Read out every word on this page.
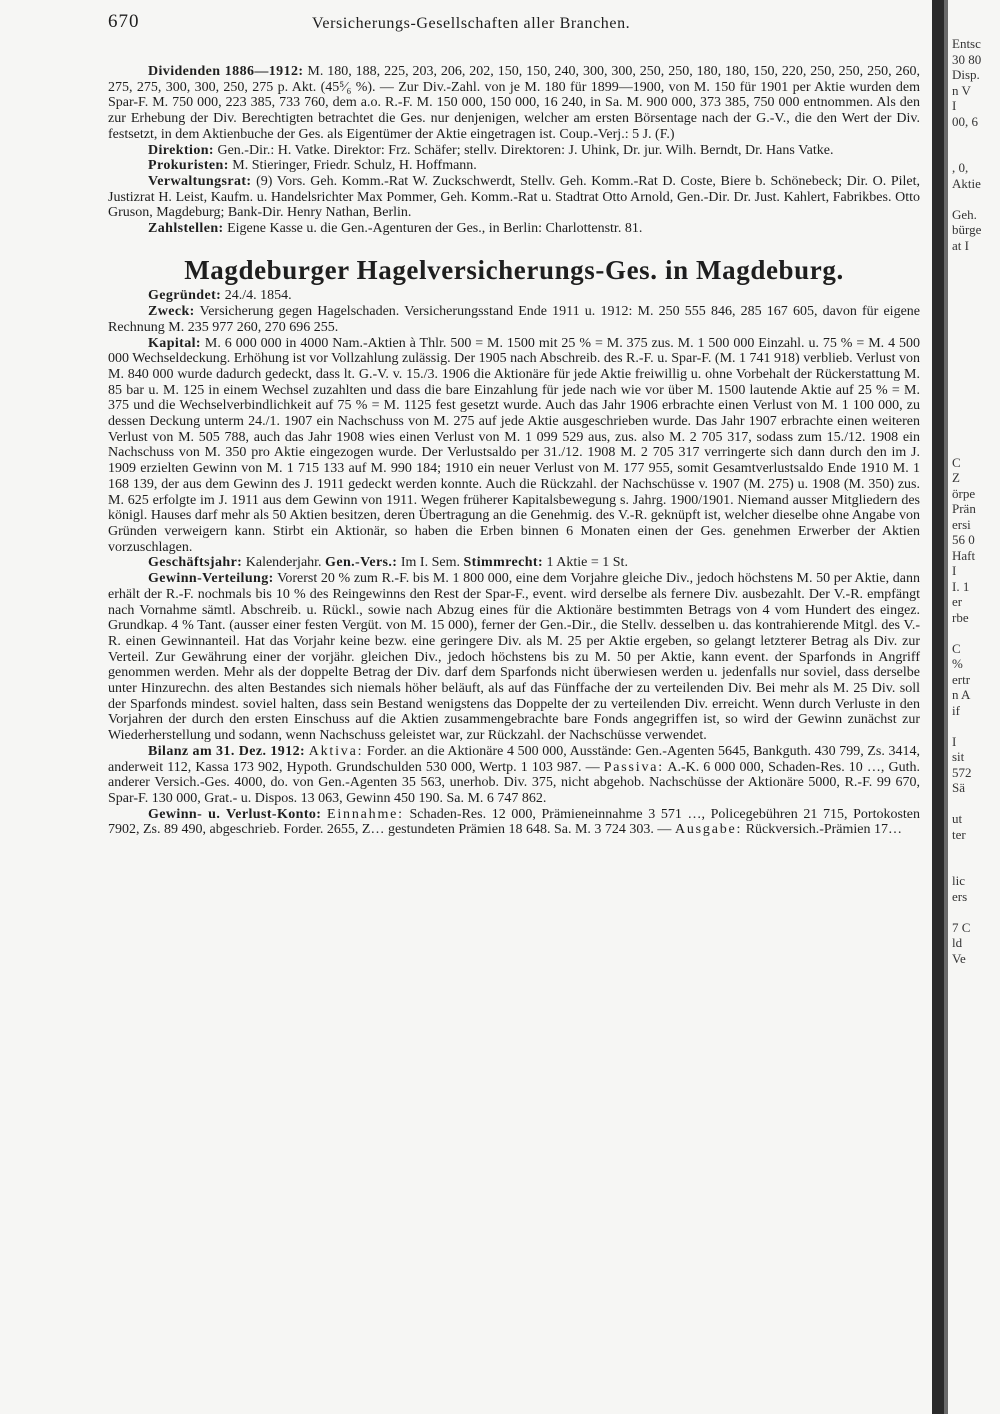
670	Versicherungs-Gesellschaften aller Branchen.

Dividenden 1886—1912: M. 180, 188, 225, 203, 206, 202, 150, 150, 240, 300, 300, 250, 250, 180, 180, 150, 220, 250, 250, 250, 260, 275, 275, 300, 300, 250, 275 p. Akt. (45⁵⁄₆ %). — Zur Div.-Zahl. von je M. 180 für 1899—1900, von M. 150 für 1901 per Aktie wurden dem Spar-F. M. 750 000, 223 385, 733 760, dem a.o. R.-F. M. 150 000, 150 000, 16 240, in Sa. M. 900 000, 373 385, 750 000 entnommen. Als den zur Erhebung der Div. Berechtigten betrachtet die Ges. nur denjenigen, welcher am ersten Börsentage nach der G.-V., die den Wert der Div. festsetzt, in dem Aktienbuche der Ges. als Eigentümer der Aktie eingetragen ist. Coup.-Verj.: 5 J. (F.)

Direktion: Gen.-Dir.: H. Vatke. Direktor: Frz. Schäfer; stellv. Direktoren: J. Uhink, Dr. jur. Wilh. Berndt, Dr. Hans Vatke.

Prokuristen: M. Stieringer, Friedr. Schulz, H. Hoffmann.

Verwaltungsrat: (9) Vors. Geh. Komm.-Rat W. Zuckschwerdt, Stellv. Geh. Komm.-Rat D. Coste, Biere b. Schönebeck; Dir. O. Pilet, Justizrat H. Leist, Kaufm. u. Handelsrichter Max Pommer, Geh. Komm.-Rat u. Stadtrat Otto Arnold, Gen.-Dir. Dr. Just. Kahlert, Fabrikbes. Otto Gruson, Magdeburg; Bank-Dir. Henry Nathan, Berlin.

Zahlstellen: Eigene Kasse u. die Gen.-Agenturen der Ges., in Berlin: Charlottenstr. 81.

Magdeburger Hagelversicherungs-Ges. in Magdeburg.

Gegründet: 24./4. 1854.

Zweck: Versicherung gegen Hagelschaden. Versicherungsstand Ende 1911 u. 1912: M. 250 555 846, 285 167 605, davon für eigene Rechnung M. 235 977 260, 270 696 255.

Kapital: M. 6 000 000 in 4000 Nam.-Aktien à Thlr. 500 = M. 1500 mit 25 % = M. 375 zus. M. 1 500 000 Einzahl. u. 75 % = M. 4 500 000 Wechseldeckung. Erhöhung ist vor Vollzahlung zulässig. Der 1905 nach Abschreib. des R.-F. u. Spar-F. (M. 1 741 918) verblieb. Verlust von M. 840 000 wurde dadurch gedeckt, dass lt. G.-V. v. 15./3. 1906 die Aktionäre für jede Aktie freiwillig u. ohne Vorbehalt der Rückerstattung M. 85 bar u. M. 125 in einem Wechsel zuzahlten und dass die bare Einzahlung für jede nach wie vor über M. 1500 lautende Aktie auf 25 % = M. 375 und die Wechselverbindlichkeit auf 75 % = M. 1125 fest gesetzt wurde. Auch das Jahr 1906 erbrachte einen Verlust von M. 1 100 000, zu dessen Deckung unterm 24./1. 1907 ein Nachschuss von M. 275 auf jede Aktie ausgeschrieben wurde. Das Jahr 1907 erbrachte einen weiteren Verlust von M. 505 788, auch das Jahr 1908 wies einen Verlust von M. 1 099 529 aus, zus. also M. 2 705 317, sodass zum 15./12. 1908 ein Nachschuss von M. 350 pro Aktie eingezogen wurde. Der Verlustsaldo per 31./12. 1908 M. 2 705 317 verringerte sich dann durch den im J. 1909 erzielten Gewinn von M. 1 715 133 auf M. 990 184; 1910 ein neuer Verlust von M. 177 955, somit Gesamtverlustsaldo Ende 1910 M. 1 168 139, der aus dem Gewinn des J. 1911 gedeckt werden konnte. Auch die Rückzahl. der Nachschüsse v. 1907 (M. 275) u. 1908 (M. 350) zus. M. 625 erfolgte im J. 1911 aus dem Gewinn von 1911. Wegen früherer Kapitalsbewegung s. Jahrg. 1900/1901. Niemand ausser Mitgliedern des königl. Hauses darf mehr als 50 Aktien besitzen, deren Übertragung an die Genehmig. des V.-R. geknüpft ist, welcher dieselbe ohne Angabe von Gründen verweigern kann. Stirbt ein Aktionär, so haben die Erben binnen 6 Monaten einen der Ges. genehmen Erwerber der Aktien vorzuschlagen.

Geschäftsjahr: Kalenderjahr. Gen.-Vers.: Im I. Sem. Stimmrecht: 1 Aktie = 1 St.

Gewinn-Verteilung: Vorerst 20 % zum R.-F. bis M. 1 800 000, eine dem Vorjahre gleiche Div., jedoch höchstens M. 50 per Aktie, dann erhält der R.-F. nochmals bis 10 % des Reingewinns den Rest der Spar-F., event. wird derselbe als fernere Div. ausbezahlt. Der V.-R. empfängt nach Vornahme sämtl. Abschreib. u. Rückl., sowie nach Abzug eines für die Aktionäre bestimmten Betrags von 4 vom Hundert des eingez. Grundkap. 4 % Tant. (ausser einer festen Vergüt. von M. 15 000), ferner der Gen.-Dir., die Stellv. desselben u. das kontrahierende Mitgl. des V.-R. einen Gewinnanteil. Hat das Vorjahr keine bezw. eine geringere Div. als M. 25 per Aktie ergeben, so gelangt letzterer Betrag als Div. zur Verteil. Zur Gewährung einer der vorjähr. gleichen Div., jedoch höchstens bis zu M. 50 per Aktie, kann event. der Sparfonds in Angriff genommen werden. Mehr als der doppelte Betrag der Div. darf dem Sparfonds nicht überwiesen werden u. jedenfalls nur soviel, dass derselbe unter Hinzurechn. des alten Bestandes sich niemals höher beläuft, als auf das Fünffache der zu verteilenden Div. Bei mehr als M. 25 Div. soll der Sparfonds mindest. soviel halten, dass sein Bestand wenigstens das Doppelte der zu verteilenden Div. erreicht. Wenn durch Verluste in den Vorjahren der durch den ersten Einschuss auf die Aktien zusammengebrachte bare Fonds angegriffen ist, so wird der Gewinn zunächst zur Wiederherstellung und sodann, wenn Nachschuss geleistet war, zur Rückzahl. der Nachschüsse verwendet.

Bilanz am 31. Dez. 1912: Aktiva: Forder. an die Aktionäre 4 500 000, Ausstände: Gen.-Agenten 5645, Bankguth. 430 799, Zs. 3414, anderweit 112, Kassa 173 902, Hypoth. Grundschulden 530 000, Wertp. 1 103 987. — Passiva: A.-K. 6 000 000, Schaden-Res. 10 …, Guth. anderer Versich.-Ges. 4000, do. von Gen.-Agenten 35 563, unerhob. Div. 375, nicht abgehob. Nachschüsse der Aktionäre 5000, R.-F. 99 670, Spar-F. 130 000, Grat.- u. Dispos. 13 063, Gewinn 450 190. Sa. M. 6 747 862.

Gewinn- u. Verlust-Konto: Einnahme: Schaden-Res. 12 000, Prämieneinnahme 3 571 …, Policegebühren 21 715, Portokosten 7902, Zs. 89 490, abgeschrieb. Forder. 2655, Z… gestundeten Prämien 18 648. Sa. M. 3 724 303. — Ausgabe: Rückversich.-Prämien 17…

Entsc
30 80
Disp.
n V
I
00, 6

, 0,
Aktie

Geh.
bürge
at I

C
Z
örpe
Prän
ersi
56 0
Haft
I
I. 1
er
rbe

C
%
ertr
n A
if

I
sit
572
Sä

ut
ter

lic
ers

7 C
ld
Ve
